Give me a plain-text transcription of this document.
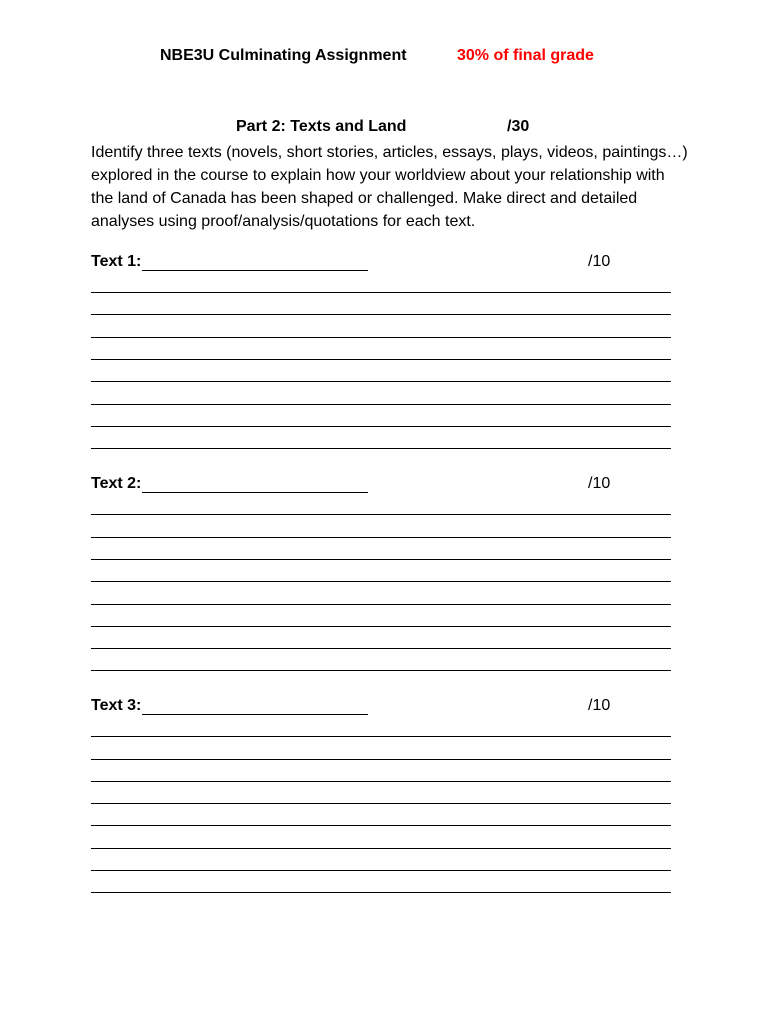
NBE3U Culminating Assignment	30% of final grade
Part 2: Texts and Land	/30
Identify three texts (novels, short stories, articles, essays, plays, videos, paintings…) explored in the course to explain how your worldview about your relationship with the land of Canada has been shaped or challenged. Make direct and detailed analyses using proof/analysis/quotations for each text.
Text 1:	/10
Text 2:	/10
Text 3:	/10
